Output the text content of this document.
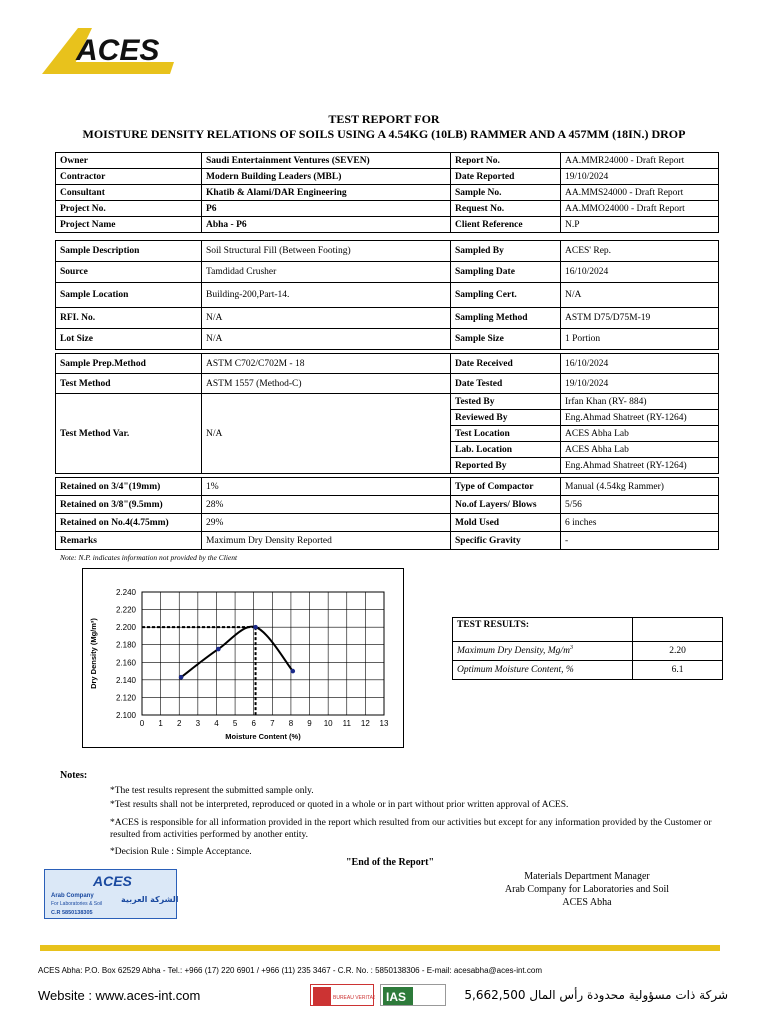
ACES
TEST REPORT FOR
MOISTURE DENSITY RELATIONS OF SOILS USING A 4.54KG (10LB) RAMMER AND A 457MM (18IN.) DROP
Owner	Saudi Entertainment Ventures (SEVEN)	Report No.	AA.MMR24000 - Draft Report
Contractor	Modern Building Leaders (MBL)	Date Reported	19/10/2024
Consultant	Khatib & Alami/DAR Engineering	Sample No.	AA.MMS24000 - Draft Report
Project No.	P6	Request No.	AA.MMO24000 - Draft Report
Project Name	Abha - P6	Client Reference	N.P
Sample Description	Soil Structural Fill (Between Footing)	Sampled By	ACES' Rep.
Source	Tamdidad Crusher	Sampling Date	16/10/2024
Sample Location	Building-200,Part-14.	Sampling Cert.	N/A
RFI. No.	N/A	Sampling Method	ASTM D75/D75M-19
Lot Size	N/A	Sample Size	1 Portion
Sample Prep.Method	ASTM C702/C702M - 18	Date Received	16/10/2024
Test Method	ASTM 1557 (Method-C)	Date Tested	19/10/2024
Test Method Var.	N/A	Tested By	Irfan Khan (RY- 884)
		Reviewed By	Eng.Ahmad Shatreet (RY-1264)
		Test Location	ACES Abha Lab
		Lab. Location	ACES Abha Lab
		Reported By	Eng.Ahmad Shatreet (RY-1264)
Retained on 3/4"(19mm)	1%	Type of Compactor	Manual (4.54kg Rammer)
Retained on 3/8"(9.5mm)	28%	No.of Layers/ Blows	5/56
Retained on No.4(4.75mm)	29%	Mold Used	6 inches
Remarks	Maximum Dry Density Reported	Specific Gravity	-
Note: N.P. indicates information not provided by the Client
0 1 2 3 4 5 6 7 8 9 10 11 12 13
2.100
2.120
2.140
2.160
2.180
2.200
2.220
2.240
Moisture Content (%)
Dry Density (Mg/m³)	TEST RESULTS:	
Maximum Dry Density, $Mg/m^3$	2.20
Optimum Moisture Content, %	6.1
Notes:
*The test results represent the submitted sample only.
*Test results shall not be interpreted, reproduced or quoted in a whole or in part without prior written approval of ACES.
*ACES is responsible for all information provided in the report which resulted from our activities but except for any information provided by the Customer or resulted from activities performed by another entity.
*Decision Rule : Simple Acceptance.
"End of the Report"
Materials Department Manager
Arab Company for Laboratories and Soil
ACES Abha
ACES
Arab Company
For Laboratories & Soil
C.R 5850138305
الشركة العربية
ACES Abha: P.O. Box 62529 Abha - Tel.: +966 (17) 220 6901 / +966 (11) 235 3467 - C.R. No. : 5850138306 - E-mail: acesabha@aces-int.com
Website : www.aces-int.com	BUREAU VERITAS IAS	شركة ذات مسؤولية محدودة رأس المال 5,662,500
